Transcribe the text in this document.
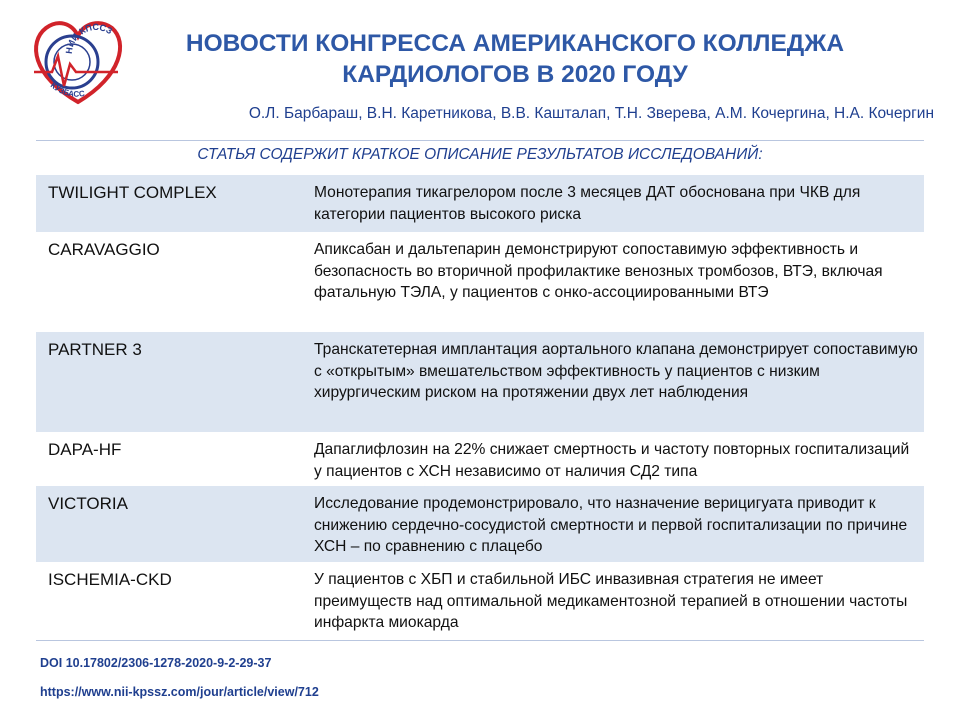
НИИ КПССЗ
КУЗБАСС
НОВОСТИ КОНГРЕССА АМЕРИКАНСКОГО КОЛЛЕДЖА
КАРДИОЛОГОВ В 2020 ГОДУ
О.Л. Барбараш, В.Н. Каретникова, В.В. Кашталап, Т.Н. Зверева, А.М. Кочергина, Н.А. Кочергин
СТАТЬЯ СОДЕРЖИТ КРАТКОЕ ОПИСАНИЕ РЕЗУЛЬТАТОВ ИССЛЕДОВАНИЙ:
TWILIGHT COMPLEX	Монотерапия тикагрелором после 3 месяцев ДАТ обоснована при ЧКВ для категории пациентов высокого риска
CARAVAGGIO	Апиксабан и дальтепарин демонстрируют сопоставимую эффективность и безопасность во вторичной профилактике венозных тромбозов, ВТЭ, включая фатальную ТЭЛА, у пациентов с онко-ассоциированными ВТЭ
PARTNER 3	Транскатетерная имплантация аортального клапана демонстрирует сопоставимую с «открытым» вмешательством эффективность у пациентов с низким хирургическим риском на протяжении двух лет наблюдения
DAPA-HF	Дапаглифлозин на 22% снижает смертность и частоту повторных госпитализаций у пациентов с ХСН независимо от наличия СД2 типа
VICTORIA	Исследование продемонстрировало, что назначениe верицигуата приводит к снижению сердечно-сосудистой смертности и первой госпитализации по причине ХСН – по сравнению с плацебо
ISCHEMIA-CKD	У пациентов с ХБП и стабильной ИБС инвазивная стратегия не имеет преимуществ над оптимальной медикаментозной терапией в отношении частоты инфаркта миокарда
DOI 10.17802/2306-1278-2020-9-2-29-37
https://www.nii-kpssz.com/jour/article/view/712
